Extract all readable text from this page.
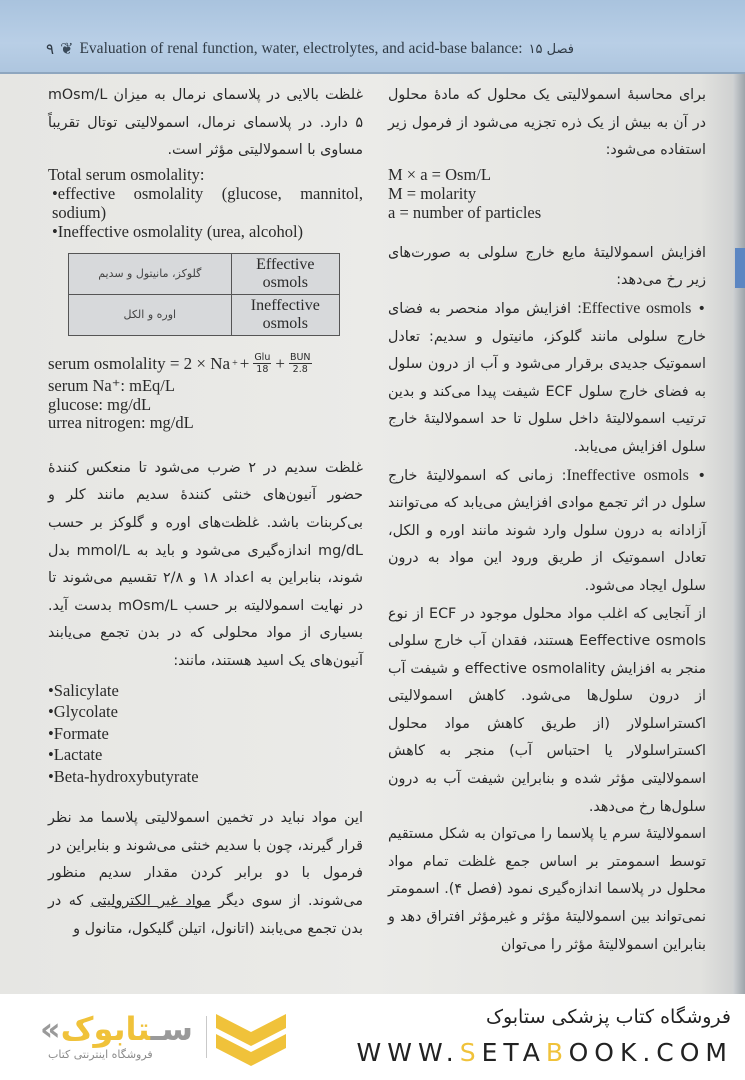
۹ ❦ Evaluation of renal function, water, electrolytes, and acid-base balance: فصل ۱۵

غلظت بالایی در پلاسمای نرمال به میزان mOsm/L ۵ دارد. در پلاسمای نرمال، اسمولالیتی توتال تقریباً مساوی با اسمولالیتی مؤثر است.

Total serum osmolality:

• effective osmolality (glucose, mannitol, sodium)

• Ineffective osmolality (urea, alcohol)

گلوکز، مانیتول و سدیم	Effective osmols
اوره و الکل	Ineffective osmols
serum osmolality = 2 × Na + + $\frac{\text{Glu}}{18} + \frac{\text{BUN}}{2.8}$
serum Na⁺: mEq/L
glucose: mg/dL
urrea nitrogen: mg/dL

غلظت سدیم در ۲ ضرب می‌شود تا منعکس کنندهٔ حضور آنیون‌های خنثی کنندهٔ سدیم مانند کلر و بی‌کربنات باشد. غلظت‌های اوره و گلوکز بر حسب mg/dL اندازه‌گیری می‌شود و باید به mmol/L بدل شوند، بنابراین به اعداد ۱۸ و ۲/۸ تقسیم می‌شوند تا در نهایت اسمولالیته بر حسب mOsm/L بدست آید. بسیاری از مواد محلولی که در بدن تجمع می‌یابند آنیون‌های یک اسید هستند، مانند:

• Salicylate
• Glycolate
• Formate
• Lactate
• Beta-hydroxybutyrate

این مواد نباید در تخمین اسمولالیتی پلاسما مد نظر قرار گیرند، چون با سدیم خنثی می‌شوند و بنابراین در فرمول با دو برابر کردن مقدار سدیم منظور می‌شوند. از سوی دیگر مواد غیر الکترولیتی که در بدن تجمع می‌یابند (اتانول، اتیلن گلیکول، متانول و

برای محاسبهٔ اسمولالیتی یک محلول که مادهٔ محلول در آن به بیش از یک ذره تجزیه می‌شود از فرمول زیر استفاده می‌شود:

M × a = Osm/L
M = molarity
a = number of particles

افزایش اسمولالیتهٔ مایع خارج سلولی به صورت‌های زیر رخ می‌دهد:

• Effective osmols: افزایش مواد منحصر به فضای خارج سلولی مانند گلوکز، مانیتول و سدیم: تعادل اسموتیک جدیدی برقرار می‌شود و آب از درون سلول به فضای خارج سلول ECF شیفت پیدا می‌کند و بدین ترتیب اسمولالیتهٔ داخل سلول تا حد اسمولالیتهٔ خارج سلول افزایش می‌یابد.

• Ineffective osmols: زمانی که اسمولالیتهٔ خارج سلول در اثر تجمع موادی افزایش می‌یابد که می‌توانند آزادانه به درون سلول وارد شوند مانند اوره و الکل، تعادل اسموتیک از طریق ورود این مواد به درون سلول ایجاد می‌شود.

از آنجایی که اغلب مواد محلول موجود در ECF از نوع Eeffective osmols هستند، فقدان آب خارج سلولی منجر به افزایش effective osmolality و شیفت آب از درون سلول‌ها می‌شود. کاهش اسمولالیتی اکستراسلولار (از طریق کاهش مواد محلول اکستراسلولار یا احتباس آب) منجر به کاهش اسمولالیتی مؤثر شده و بنابراین شیفت آب به درون سلول‌ها رخ می‌دهد.

اسمولالیتهٔ سرم یا پلاسما را می‌توان به شکل مستقیم توسط اسمومتر بر اساس جمع غلظت تمام مواد محلول در پلاسما اندازه‌گیری نمود (فصل ۴). اسمومتر نمی‌تواند بین اسمولالیتهٔ مؤثر و غیرمؤثر افتراق دهد و بنابراین اسمولالیتهٔ مؤثر را می‌توان

«سـتابوک
فروشگاه اینترنتی کتاب
فروشگاه کتاب پزشکی ستابوک
WWW.SETABOOK.COM
